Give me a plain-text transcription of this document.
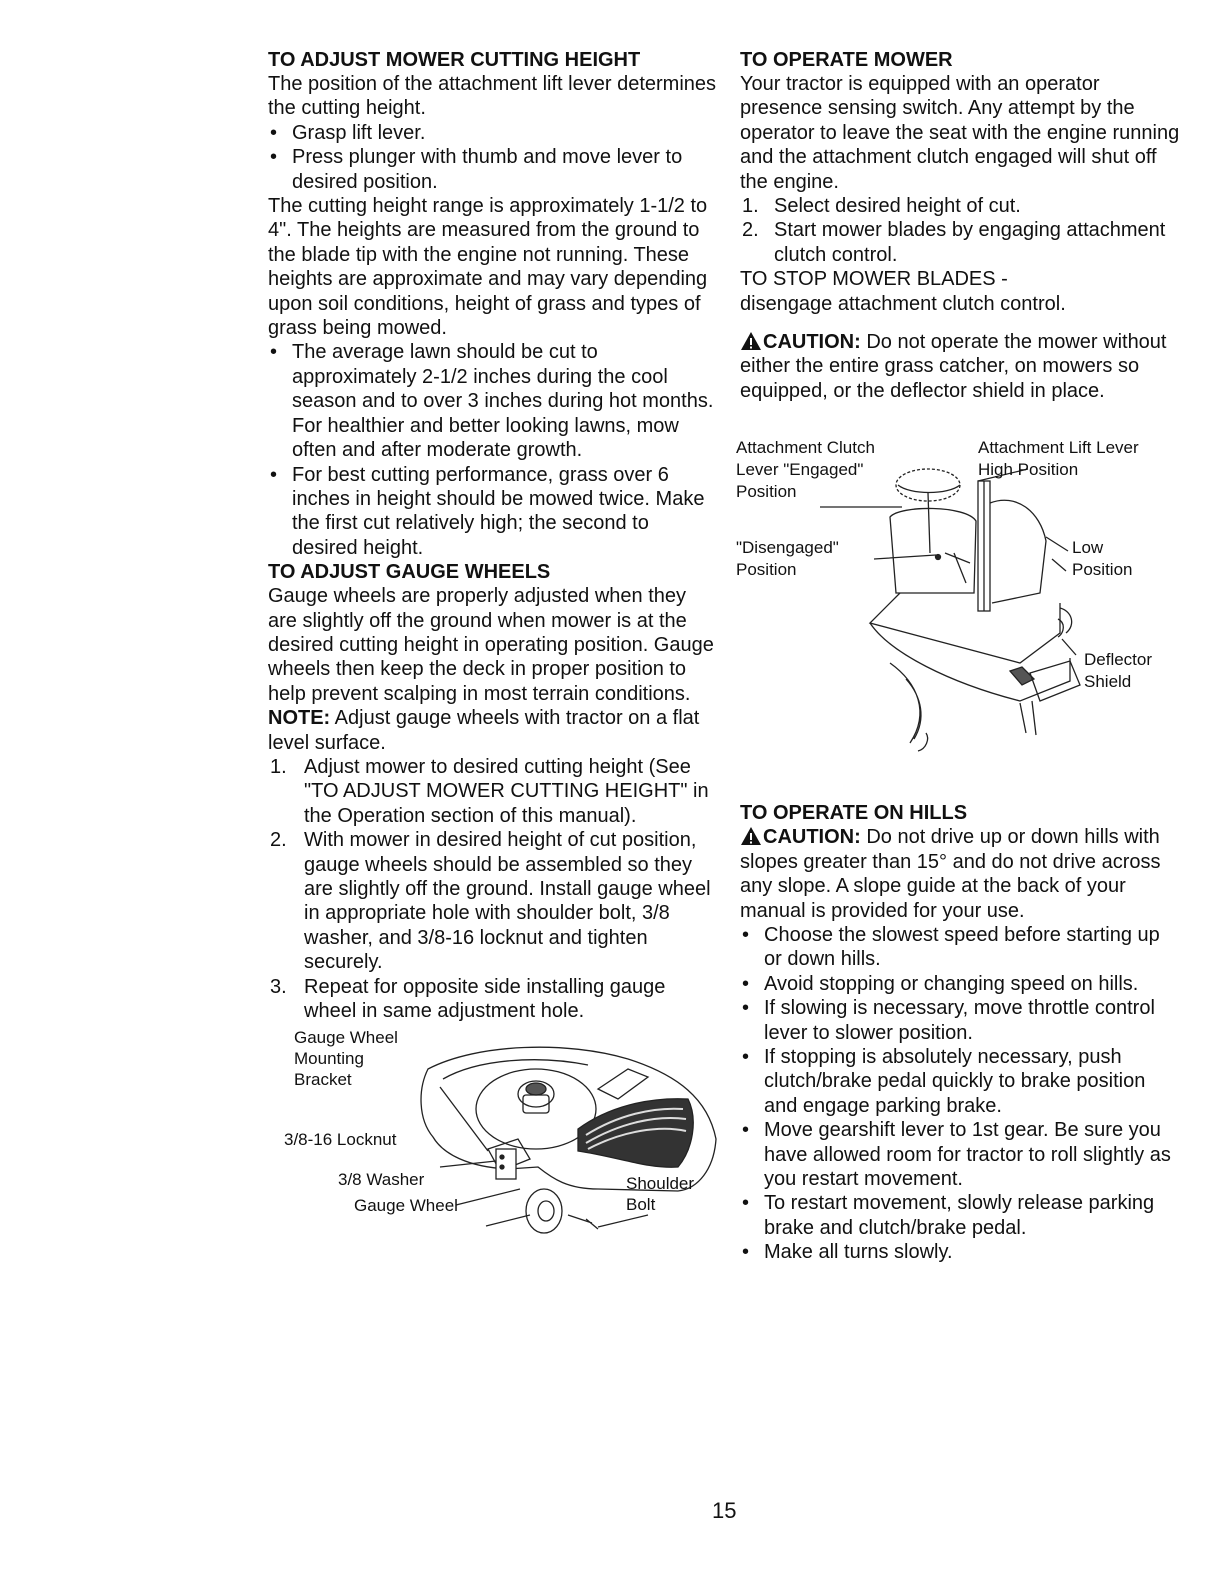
TO ADJUST MOWER CUTTING HEIGHT

The position of the attachment lift lever determines the cutting height.

• Grasp lift lever.
• Press plunger with thumb and move lever to desired position.

The cutting height range is approximately 1-1/2 to 4". The heights are measured from the ground to the blade tip with the engine not running. These heights are approximate and may vary depending upon soil conditions, height of grass and types of grass being mowed.

• The average lawn should be cut to approximately 2-1/2 inches during the cool season and to over 3 inches during hot months. For healthier and better looking lawns, mow often and after moderate growth.
• For best cutting performance, grass over 6 inches in height should be mowed twice. Make the first cut relatively high; the second to desired height.
TO ADJUST GAUGE WHEELS

Gauge wheels are properly adjusted when they are slightly off the ground when mower is at the desired cutting height in operating position. Gauge wheels then keep the deck in proper position to help prevent scalping in most terrain conditions.

NOTE: Adjust gauge wheels with tractor on a flat level surface.

1. Adjust mower to desired cutting height (See "TO ADJUST MOWER CUTTING HEIGHT" in the Operation section of this manual).
2. With mower in desired height of cut position, gauge wheels should be assembled so they are slightly off the ground. Install gauge wheel in appropriate hole with shoulder bolt, 3/8 washer, and 3/8-16 locknut and tighten securely.
3. Repeat for opposite side installing gauge wheel in same adjustment hole.
Gauge Wheel
Mounting
Bracket
3/8-16 Locknut
3/8 Washer
Gauge Wheel
Shoulder
Bolt
TO OPERATE MOWER

Your tractor is equipped with an operator presence sensing switch. Any attempt by the operator to leave the seat with the engine running and the attachment clutch engaged will shut off the engine.

1. Select desired height of cut.
2. Start mower blades by engaging attachment clutch control.

TO STOP MOWER BLADES -

disengage attachment clutch control.

CAUTION: Do not operate the mower without either the entire grass catcher, on mowers so equipped, or the deflector shield in place.

Attachment Clutch
Lever "Engaged"
Position
"Disengaged"
Position
Attachment Lift Lever
High Position
Low
Position
Deflector
Shield
TO OPERATE ON HILLS

CAUTION: Do not drive up or down hills with slopes greater than 15° and do not drive across any slope. A slope guide at the back of your manual is provided for your use.

• Choose the slowest speed before starting up or down hills.
• Avoid stopping or changing speed on hills.
• If slowing is necessary, move throttle control lever to slower position.
• If stopping is absolutely necessary, push clutch/brake pedal quickly to brake position and engage parking brake.
• Move gearshift lever to 1st gear. Be sure you have allowed room for tractor to roll slightly as you restart movement.
• To restart movement, slowly release parking brake and clutch/brake pedal.
• Make all turns slowly.
15
